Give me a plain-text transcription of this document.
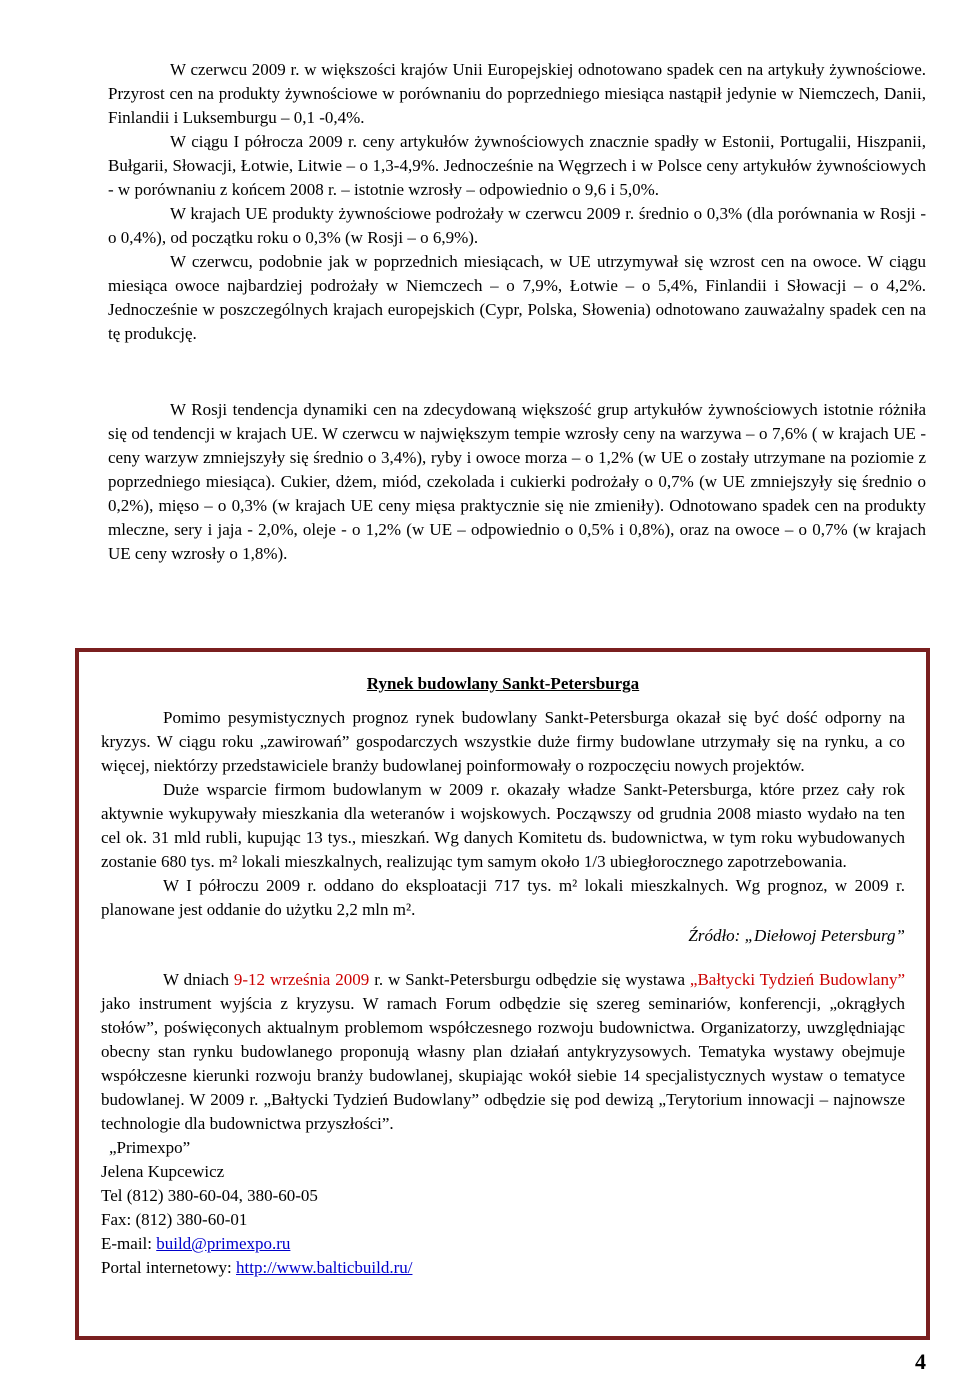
W czerwcu 2009 r. w większości krajów Unii Europejskiej odnotowano spadek cen na artykuły żywnościowe. Przyrost cen na produkty żywnościowe w porównaniu do poprzedniego miesiąca nastąpił jedynie w Niemczech, Danii, Finlandii i Luksemburgu – 0,1 -0,4%.

W ciągu I półrocza 2009 r. ceny artykułów żywnościowych znacznie spadły w Estonii, Portugalii, Hiszpanii, Bułgarii, Słowacji, Łotwie, Litwie – o 1,3-4,9%. Jednocześnie na Węgrzech i w Polsce ceny artykułów żywnościowych - w porównaniu z końcem 2008 r. – istotnie wzrosły – odpowiednio o 9,6 i 5,0%.

W krajach UE produkty żywnościowe podrożały w czerwcu 2009 r. średnio o 0,3% (dla porównania w Rosji - o 0,4%), od początku roku o 0,3% (w Rosji – o 6,9%).

W czerwcu, podobnie jak w poprzednich miesiącach, w UE utrzymywał się wzrost cen na owoce. W ciągu miesiąca owoce najbardziej podrożały w Niemczech – o 7,9%, Łotwie – o 5,4%, Finlandii i Słowacji – o 4,2%. Jednocześnie w poszczególnych krajach europejskich (Cypr, Polska, Słowenia) odnotowano zauważalny spadek cen na tę produkcję.

W Rosji tendencja dynamiki cen na zdecydowaną większość grup artykułów żywnościowych istotnie różniła się od tendencji w krajach UE. W czerwcu w największym tempie wzrosły ceny na warzywa – o 7,6% ( w krajach UE - ceny warzyw zmniejszyły się średnio o 3,4%), ryby i owoce morza – o 1,2% (w UE o zostały utrzymane na poziomie z poprzedniego miesiąca). Cukier, dżem, miód, czekolada i cukierki podrożały o 0,7% (w UE zmniejszyły się średnio o 0,2%), mięso – o 0,3% (w krajach UE ceny mięsa praktycznie się nie zmieniły). Odnotowano spadek cen na produkty mleczne, sery i jaja - 2,0%, oleje - o 1,2% (w UE – odpowiednio o 0,5% i 0,8%), oraz na owoce – o 0,7% (w krajach UE ceny wzrosły o 1,8%).

Rynek budowlany Sankt-Petersburga

Pomimo pesymistycznych prognoz rynek budowlany Sankt-Petersburga okazał się być dość odporny na kryzys. W ciągu roku „zawirowań” gospodarczych wszystkie duże firmy budowlane utrzymały się na rynku, a co więcej, niektórzy przedstawiciele branży budowlanej poinformowały o rozpoczęciu nowych projektów.

Duże wsparcie firmom budowlanym w 2009 r. okazały władze Sankt-Petersburga, które przez cały rok aktywnie wykupywały mieszkania dla weteranów i wojskowych. Począwszy od grudnia 2008 miasto wydało na ten cel ok. 31 mld rubli, kupując 13 tys., mieszkań. Wg danych Komitetu ds. budownictwa, w tym roku wybudowanych zostanie 680 tys. m² lokali mieszkalnych, realizując tym samym około 1/3 ubiegłorocznego zapotrzebowania.

W I półroczu 2009 r. oddano do eksploatacji 717 tys. m² lokali mieszkalnych. Wg prognoz, w 2009 r. planowane jest oddanie do użytku 2,2 mln m².

Źródło: „Diełowoj Petersburg”

W dniach 9-12 września 2009 r. w Sankt-Petersburgu odbędzie się wystawa „Bałtycki Tydzień Budowlany” jako instrument wyjścia z kryzysu. W ramach Forum odbędzie się szereg seminariów, konferencji, „okrągłych stołów”, poświęconych aktualnym problemom współczesnego rozwoju budownictwa. Organizatorzy, uwzględniając obecny stan rynku budowlanego proponują własny plan działań antykryzysowych. Tematyka wystawy obejmuje współczesne kierunki rozwoju branży budowlanej, skupiając wokół siebie 14 specjalistycznych wystaw o tematyce budowlanej. W 2009 r. „Bałtycki Tydzień Budowlany” odbędzie się pod dewizą „Terytorium innowacji – najnowsze technologie dla budownictwa przyszłości”.

„Primexpo”
Jelena Kupcewicz
Tel (812) 380-60-04, 380-60-05
Fax: (812) 380-60-01
E-mail: build@primexpo.ru
Portal internetowy: http://www.balticbuild.ru/
4
